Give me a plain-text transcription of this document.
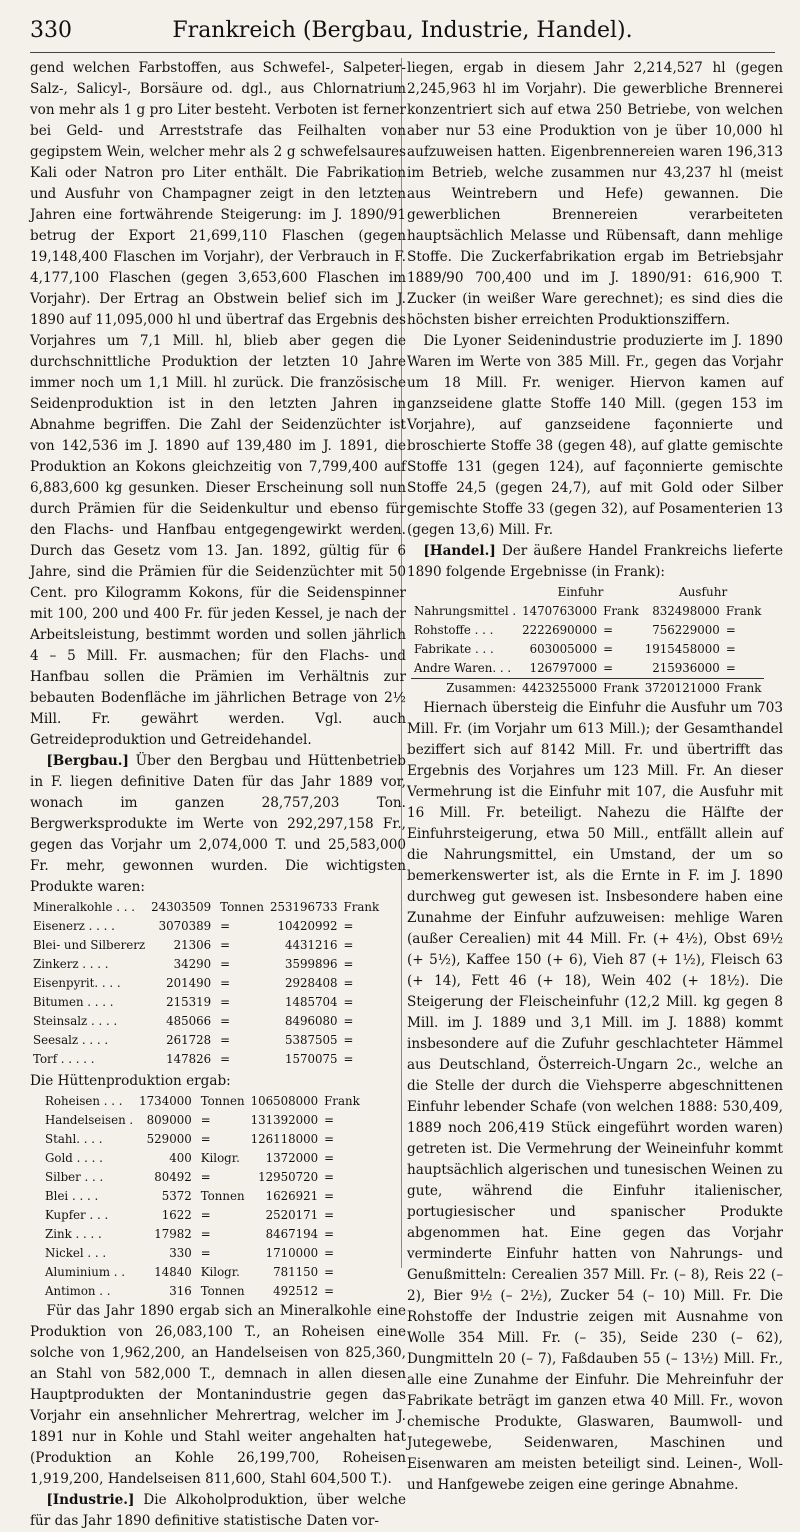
330	Frankreich (Bergbau, Industrie, Handel).

gend welchen Farbstoffen, aus Schwefel-, Salpeter-Salz-, Salicyl-, Borsäure od. dgl., aus Chlornatrium von mehr als 1 g pro Liter besteht. Verboten ist ferner bei Geld- und Arreststrafe das Feilhalten von gegipstem Wein, welcher mehr als 2 g schwefelsaures Kali oder Natron pro Liter enthält. Die Fabrikation und Ausfuhr von Champagner zeigt in den letzten Jahren eine fortwährende Steigerung: im J. 1890/91 betrug der Export 21,699,110 Flaschen (gegen 19,148,400 Flaschen im Vorjahr), der Verbrauch in F. 4,177,100 Flaschen (gegen 3,653,600 Flaschen im Vorjahr). Der Ertrag an Obstwein belief sich im J. 1890 auf 11,095,000 hl und übertraf das Ergebnis des Vorjahres um 7,1 Mill. hl, blieb aber gegen die durchschnittliche Produktion der letzten 10 Jahre immer noch um 1,1 Mill. hl zurück. Die französische Seidenproduktion ist in den letzten Jahren in Abnahme begriffen. Die Zahl der Seidenzüchter ist von 142,536 im J. 1890 auf 139,480 im J. 1891, die Produktion an Kokons gleichzeitig von 7,799,400 auf 6,883,600 kg gesunken. Dieser Erscheinung soll nun durch Prämien für die Seidenkultur und ebenso für den Flachs- und Hanfbau entgegengewirkt werden. Durch das Gesetz vom 13. Jan. 1892, gültig für 6 Jahre, sind die Prämien für die Seidenzüchter mit 50 Cent. pro Kilogramm Kokons, für die Seidenspinner mit 100, 200 und 400 Fr. für jeden Kessel, je nach der Arbeitsleistung, bestimmt worden und sollen jährlich 4 – 5 Mill. Fr. ausmachen; für den Flachs- und Hanfbau sollen die Prämien im Verhältnis zur bebauten Bodenfläche im jährlichen Betrage von 2½ Mill. Fr. gewährt werden. Vgl. auch Getreideproduktion und Getreidehandel.

[Bergbau.] Über den Bergbau und Hüttenbetrieb in F. liegen definitive Daten für das Jahr 1889 vor, wonach im ganzen 28,757,203 Ton. Bergwerksprodukte im Werte von 292,297,158 Fr., gegen das Vorjahr um 2,074,000 T. und 25,583,000 Fr. mehr, gewonnen wurden. Die wichtigsten Produkte waren:

Mineralkohle . . .	24303509	Tonnen	253196733	Frank
Eisenerz . . . .	3070389	=	10420992	=
Blei- und Silbererz	21306	=	4431216	=
Zinkerz . . . .	34290	=	3599896	=
Eisenpyrit. . . .	201490	=	2928408	=
Bitumen . . . .	215319	=	1485704	=
Steinsalz . . . .	485066	=	8496080	=
Seesalz . . . .	261728	=	5387505	=
Torf . . . . .	147826	=	1570075	=

Die Hüttenproduktion ergab:

Roheisen . . .	1734000	Tonnen	106508000	Frank
Handelseisen .	809000	=	131392000	=
Stahl. . . .	529000	=	126118000	=
Gold . . . .	400	Kilogr.	1372000	=
Silber . . .	80492	=	12950720	=
Blei . . . .	5372	Tonnen	1626921	=
Kupfer . . .	1622	=	2520171	=
Zink . . . .	17982	=	8467194	=
Nickel . . .	330	=	1710000	=
Aluminium . .	14840	Kilogr.	781150	=
Antimon . .	316	Tonnen	492512	=

Für das Jahr 1890 ergab sich an Mineralkohle eine Produktion von 26,083,100 T., an Roheisen eine solche von 1,962,200, an Handelseisen von 825,360, an Stahl von 582,000 T., demnach in allen diesen Hauptprodukten der Montanindustrie gegen das Vorjahr ein ansehnlicher Mehrertrag, welcher im J. 1891 nur in Kohle und Stahl weiter angehalten hat (Produktion an Kohle 26,199,700, Roheisen 1,919,200, Handelseisen 811,600, Stahl 604,500 T.).

[Industrie.] Die Alkoholproduktion, über welche für das Jahr 1890 definitive statistische Daten vor-

liegen, ergab in diesem Jahr 2,214,527 hl (gegen 2,245,963 hl im Vorjahr). Die gewerbliche Brennerei konzentriert sich auf etwa 250 Betriebe, von welchen aber nur 53 eine Produktion von je über 10,000 hl aufzuweisen hatten. Eigenbrennereien waren 196,313 im Betrieb, welche zusammen nur 43,237 hl (meist aus Weintrebern und Hefe) gewannen. Die gewerblichen Brennereien verarbeiteten hauptsächlich Melasse und Rübensaft, dann mehlige Stoffe. Die Zuckerfabrikation ergab im Betriebsjahr 1889/90 700,400 und im J. 1890/91: 616,900 T. Zucker (in weißer Ware gerechnet); es sind dies die höchsten bisher erreichten Produktionsziffern.

Die Lyoner Seidenindustrie produzierte im J. 1890 Waren im Werte von 385 Mill. Fr., gegen das Vorjahr um 18 Mill. Fr. weniger. Hiervon kamen auf ganzseidene glatte Stoffe 140 Mill. (gegen 153 im Vorjahre), auf ganzseidene façonnierte und broschierte Stoffe 38 (gegen 48), auf glatte gemischte Stoffe 131 (gegen 124), auf façonnierte gemischte Stoffe 24,5 (gegen 24,7), auf mit Gold oder Silber gemischte Stoffe 33 (gegen 32), auf Posamenterien 13 (gegen 13,6) Mill. Fr.

[Handel.] Der äußere Handel Frankreichs lieferte 1890 folgende Ergebnisse (in Frank):

	Einfuhr		Ausfuhr	
Nahrungsmittel .	1470763000	Frank	832498000	Frank
Rohstoffe . . .	2222690000	=	756229000	=
Fabrikate . . .	603005000	=	1915458000	=
Andre Waren. . .	126797000	=	215936000	=
Zusammen:	4423255000	Frank	3720121000	Frank

Hiernach übersteig die Einfuhr die Ausfuhr um 703 Mill. Fr. (im Vorjahr um 613 Mill.); der Gesamthandel beziffert sich auf 8142 Mill. Fr. und übertrifft das Ergebnis des Vorjahres um 123 Mill. Fr. An dieser Vermehrung ist die Einfuhr mit 107, die Ausfuhr mit 16 Mill. Fr. beteiligt. Nahezu die Hälfte der Einfuhrsteigerung, etwa 50 Mill., entfällt allein auf die Nahrungsmittel, ein Umstand, der um so bemerkenswerter ist, als die Ernte in F. im J. 1890 durchweg gut gewesen ist. Insbesondere haben eine Zunahme der Einfuhr aufzuweisen: mehlige Waren (außer Cerealien) mit 44 Mill. Fr. (+ 4½), Obst 69½ (+ 5½), Kaffee 150 (+ 6), Vieh 87 (+ 1½), Fleisch 63 (+ 14), Fett 46 (+ 18), Wein 402 (+ 18½). Die Steigerung der Fleischeinfuhr (12,2 Mill. kg gegen 8 Mill. im J. 1889 und 3,1 Mill. im J. 1888) kommt insbesondere auf die Zufuhr geschlachteter Hämmel aus Deutschland, Österreich-Ungarn 2c., welche an die Stelle der durch die Viehsperre abgeschnittenen Einfuhr lebender Schafe (von welchen 1888: 530,409, 1889 noch 206,419 Stück eingeführt worden waren) getreten ist. Die Vermehrung der Weineinfuhr kommt hauptsächlich algerischen und tunesischen Weinen zu gute, während die Einfuhr italienischer, portugiesischer und spanischer Produkte abgenommen hat. Eine gegen das Vorjahr verminderte Einfuhr hatten von Nahrungs- und Genußmitteln: Cerealien 357 Mill. Fr. (– 8), Reis 22 (– 2), Bier 9½ (– 2½), Zucker 54 (– 10) Mill. Fr. Die Rohstoffe der Industrie zeigen mit Ausnahme von Wolle 354 Mill. Fr. (– 35), Seide 230 (– 62), Dungmitteln 20 (– 7), Faßdauben 55 (– 13½) Mill. Fr., alle eine Zunahme der Einfuhr. Die Mehreinfuhr der Fabrikate beträgt im ganzen etwa 40 Mill. Fr., wovon chemische Produkte, Glaswaren, Baumwoll- und Jutegewebe, Seidenwaren, Maschinen und Eisenwaren am meisten beteiligt sind. Leinen-, Woll- und Hanfgewebe zeigen eine geringe Abnahme.
